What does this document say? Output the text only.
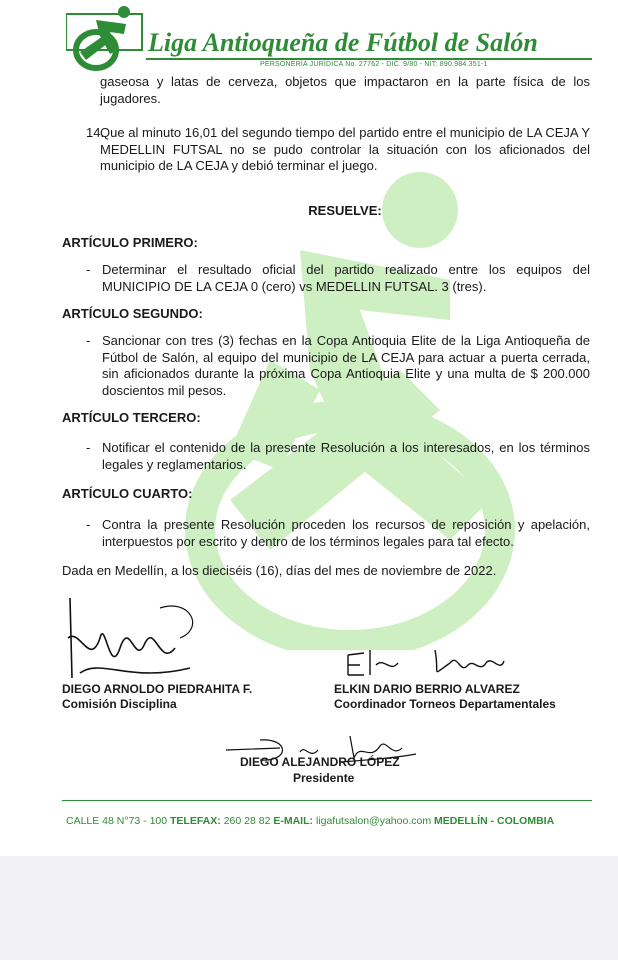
Liga Antioqueña de Fútbol de Salón
PERSONERÍA JURÍDICA No. 27762 - DIC. 9/80 - NIT: 890.984.351-1
gaseosa y latas de cerveza, objetos que impactaron en la parte física de los jugadores.
14.
Que al minuto 16,01 del segundo tiempo del partido entre el municipio de LA CEJA Y MEDELLIN FUTSAL no se pudo controlar la situación con los aficionados del municipio de LA CEJA y debió terminar el juego.
RESUELVE:
ARTÍCULO PRIMERO:
- Determinar el resultado oficial del partido realizado entre los equipos del MUNICIPIO DE LA CEJA 0 (cero) vs MEDELLIN FUTSAL. 3 (tres).
ARTÍCULO SEGUNDO:
- Sancionar con tres (3) fechas en la Copa Antioquia Elite de la Liga Antioqueña de Fútbol de Salón, al equipo del municipio de LA CEJA para actuar a puerta cerrada, sin aficionados durante la próxima Copa Antioquia Elite y una multa de $ 200.000 doscientos mil pesos.
ARTÍCULO TERCERO:
- Notificar el contenido de la presente Resolución a los interesados, en los términos legales y reglamentarios.
ARTÍCULO CUARTO:
- Contra la presente Resolución proceden los recursos de reposición y apelación, interpuestos por escrito y dentro de los términos legales para tal efecto.
Dada en Medellín, a los dieciséis (16), días del mes de noviembre de 2022.
DIEGO ARNOLDO PIEDRAHITA F.
Comisión Disciplina
ELKIN DARIO BERRIO ALVAREZ
Coordinador Torneos Departamentales
DIEGO ALEJANDRO LÓPEZ
Presidente
CALLE 48 N°73 - 100 TELEFAX: 260 28 82 E-MAIL: ligafutsalon@yahoo.com MEDELLÍN - COLOMBIA
